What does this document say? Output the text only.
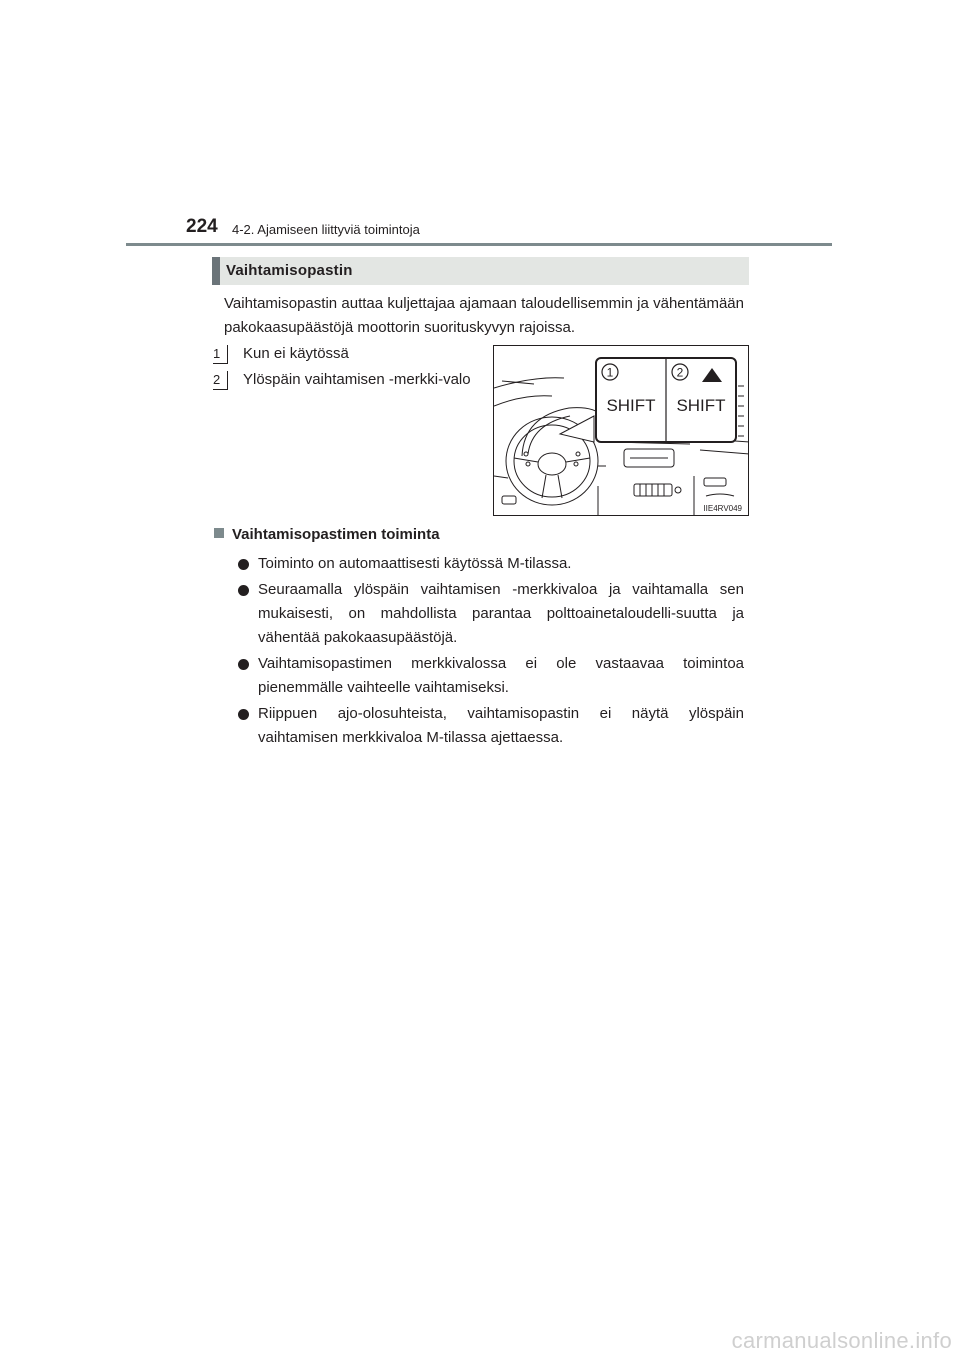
224 4-2. Ajamiseen liittyviä toimintoja
Vaihtamisopastin
Vaihtamisopastin auttaa kuljettajaa ajamaan taloudellisemmin ja vähentämään pakokaasupäästöjä moottorin suorituskyvyn rajoissa.
1	Kun ei käytössä
2	Ylöspäin vaihtamisen -merkki-valo	1	2
SHIFT SHIFT
IIE4RV049
Vaihtamisopastimen toiminta
Toiminto on automaattisesti käytössä M-tilassa.
Seuraamalla ylöspäin vaihtamisen -merkkivaloa ja vaihtamalla sen mukaisesti, on mahdollista parantaa polttoainetaloudelli-suutta ja vähentää pakokaasupäästöjä.
Vaihtamisopastimen merkkivalossa ei ole vastaavaa toimintoa pienemmälle vaihteelle vaihtamiseksi.
Riippuen ajo-olosuhteista, vaihtamisopastin ei näytä ylöspäin vaihtamisen merkkivaloa M-tilassa ajettaessa.
carmanualsonline.info
